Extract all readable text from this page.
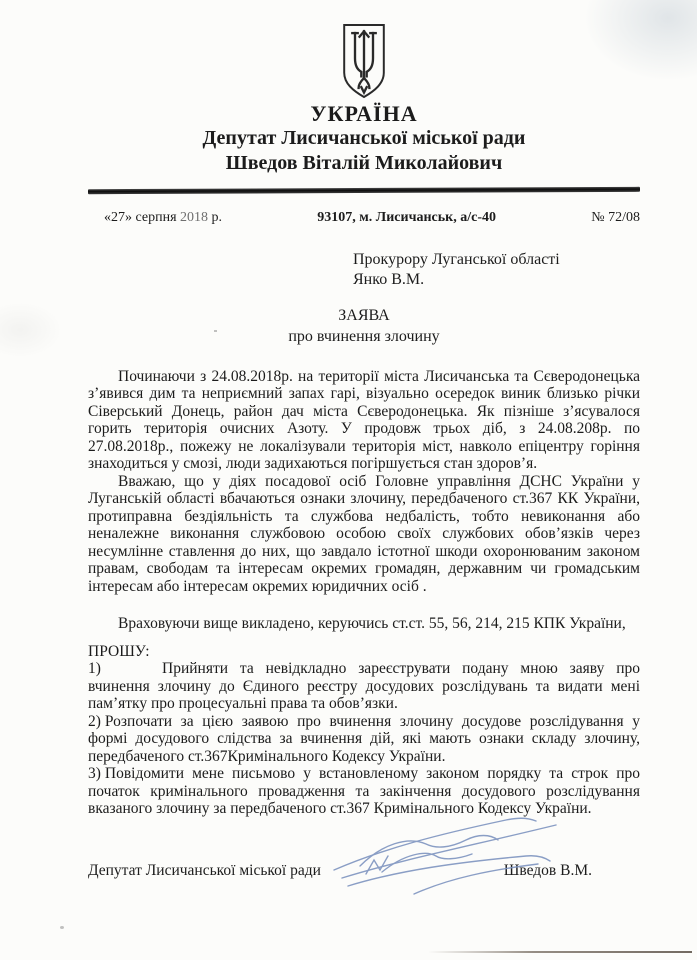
УКРАЇНА
Депутат Лисичанської міської ради
Шведов Віталій Миколайович
«27» серпня 2018 р.	93107, м. Лисичанськ, а/с-40	№ 72/08
Прокурору Луганської області
Янко В.М.
ЗАЯВА
про вчинення злочину

Починаючи з 24.08.2018р. на території міста Лисичанська та Сєверодонецька з’явився дим та неприємний запах гарі, візуально осередок виник близько річки Сіверський Донець, район дач міста Сєверодонецька. Як пізніше з’ясувалося горить територія очисних Азоту. У продовж трьох діб, з 24.08.208р. по 27.08.2018р., пожежу не локалізували територія міст, навколо епіцентру горіння знаходиться у смозі, люди задихаються погіршується стан здоров’я.

Вважаю, що у діях посадової осіб Головне управління ДСНС України у Луганській області вбачаються ознаки злочину, передбаченого ст.367 КК України, протиправна бездіяльність та службова недбалість, тобто невиконання або неналежне виконання службовою особою своїх службових обов’язків через несумлінне ставлення до них, що завдало істотної шкоди охоронюваним законом правам, свободам та інтересам окремих громадян, державним чи громадським інтересам або інтересам окремих юридичних осіб .

Враховуючи вище викладено, керуючись ст.ст. 55, 56, 214, 215 КПК України,

ПРОШУ:

1)	Прийняти та невідкладно зареєструвати подану мною заяву про вчинення злочину до Єдиного реєстру досудових розслідувань та видати мені пам’ятку про процесуальні права та обов’язки.

2) Розпочати за цією заявою про вчинення злочину досудове розслідування у формі досудового слідства за вчинення дій, які мають ознаки складу злочину, передбаченого ст.367Кримінального Кодексу України.

3) Повідомити мене письмово у встановленому законом порядку та строк про початок кримінального провадження та закінчення досудового розслідування вказаного злочину за передбаченого ст.367 Кримінального Кодексу України.

Депутат Лисичанської міської ради	Шведов В.М.
